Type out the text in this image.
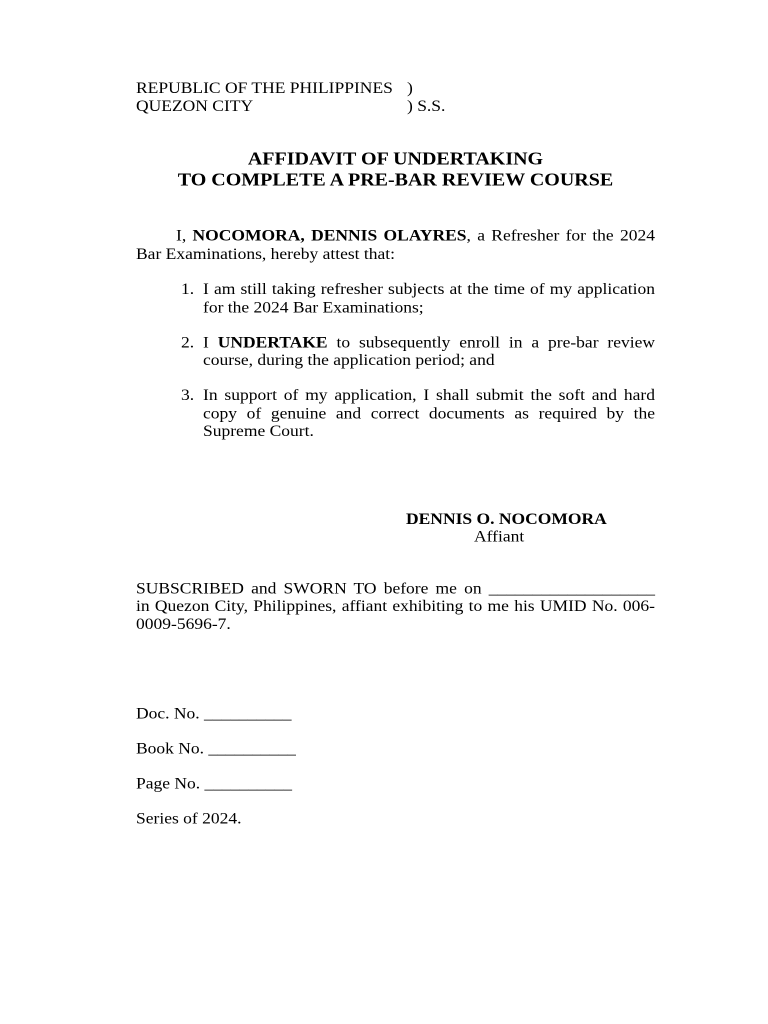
REPUBLIC OF THE PHILIPPINES )
QUEZON CITY	) S.S.
AFFIDAVIT OF UNDERTAKING
TO COMPLETE A PRE-BAR REVIEW COURSE
I, NOCOMORA, DENNIS OLAYRES, a Refresher for the 2024
Bar Examinations, hereby attest that:
1. I am still taking refresher subjects at the time of my application
for the 2024 Bar Examinations;
2. I UNDERTAKE to subsequently enroll in a pre-bar review
course, during the application period; and
3. In support of my application, I shall submit the soft and hard
copy of genuine and correct documents as required by the
Supreme Court.
DENNIS O. NOCOMORA
Affiant
SUBSCRIBED and SWORN TO before me on ___________________
in Quezon City, Philippines, affiant exhibiting to me his UMID No. 006-
0009-5696-7.
Doc. No. __________
Book No. __________
Page No. __________
Series of 2024.
